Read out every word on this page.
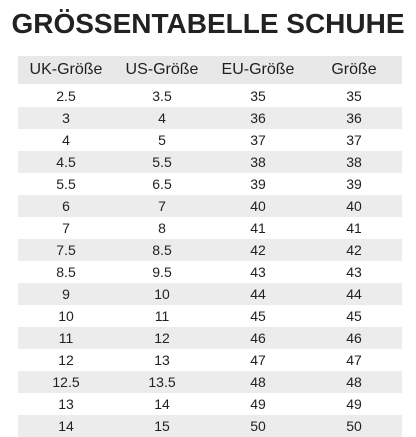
GRÖSSENTABELLE SCHUHE
UK-Größe	US-Größe	EU-Größe	Größe
2.5	3.5	35	35
3	4	36	36
4	5	37	37
4.5	5.5	38	38
5.5	6.5	39	39
6	7	40	40
7	8	41	41
7.5	8.5	42	42
8.5	9.5	43	43
9	10	44	44
10	11	45	45
11	12	46	46
12	13	47	47
12.5	13.5	48	48
13	14	49	49
14	15	50	50
